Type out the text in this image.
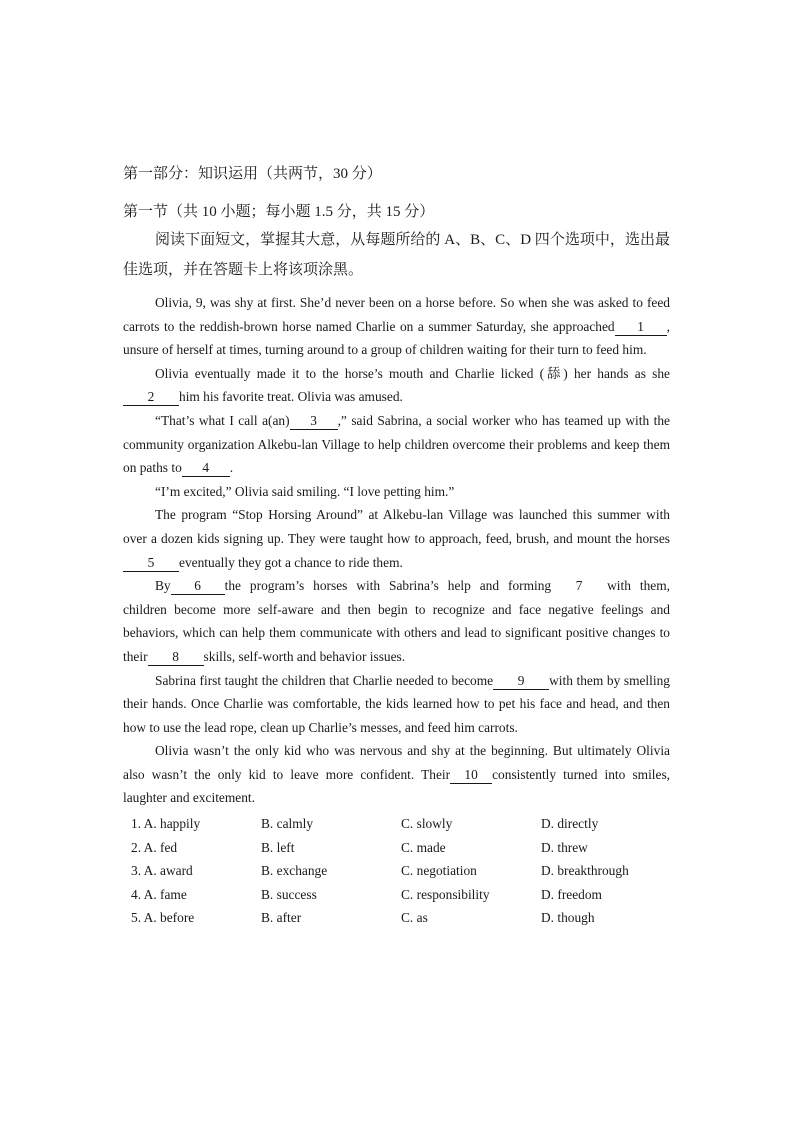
第一部分：知识运用（共两节，30 分）

第一节（共 10 小题；每小题 1.5 分，共 15 分）

阅读下面短文，掌握其大意，从每题所给的 A、B、C、D 四个选项中，选出最佳选项，并在答题卡上将该项涂黑。

Olivia, 9, was shy at first. She’d never been on a horse before. So when she was asked to feed carrots to the reddish-brown horse named Charlie on a summer Saturday, she approached 1 , unsure of herself at times, turning around to a group of children waiting for their turn to feed him.

Olivia eventually made it to the horse’s mouth and Charlie licked (舔) her hands as she2 him his favorite treat. Olivia was amused.

“That’s what I call a(an) 3 ,” said Sabrina, a social worker who has teamed up with the community organization Alkebu-lan Village to help children overcome their problems and keep them on paths to 4 .

“I’m excited,” Olivia said smiling. “I love petting him.”

The program “Stop Horsing Around” at Alkebu-lan Village was launched this summer with over a dozen kids signing up. They were taught how to approach, feed, brush, and mount the horses5 eventually they got a chance to ride them.

By 6 the program’s horses with Sabrina’s help and forming 7 with them, children become more self-aware and then begin to recognize and face negative feelings and behaviors, which can help them communicate with others and lead to significant positive changes to their 8 skills, self-worth and behavior issues.

Sabrina first taught the children that Charlie needed to become 9 with them by smelling their hands. Once Charlie was comfortable, the kids learned how to pet his face and head, and then how to use the lead rope, clean up Charlie’s messes, and feed him carrots.

Olivia wasn’t the only kid who was nervous and shy at the beginning. But ultimately Olivia also wasn’t the only kid to leave more confident. Their 10 consistently turned into smiles, laughter and excitement.

1. A. happily	B. calmly	C. slowly	D. directly
2. A. fed	B. left	C. made	D. threw
3. A. award	B. exchange	C. negotiation	D. breakthrough
4. A. fame	B. success	C. responsibility	D. freedom
5. A. before	B. after	C. as	D. though
